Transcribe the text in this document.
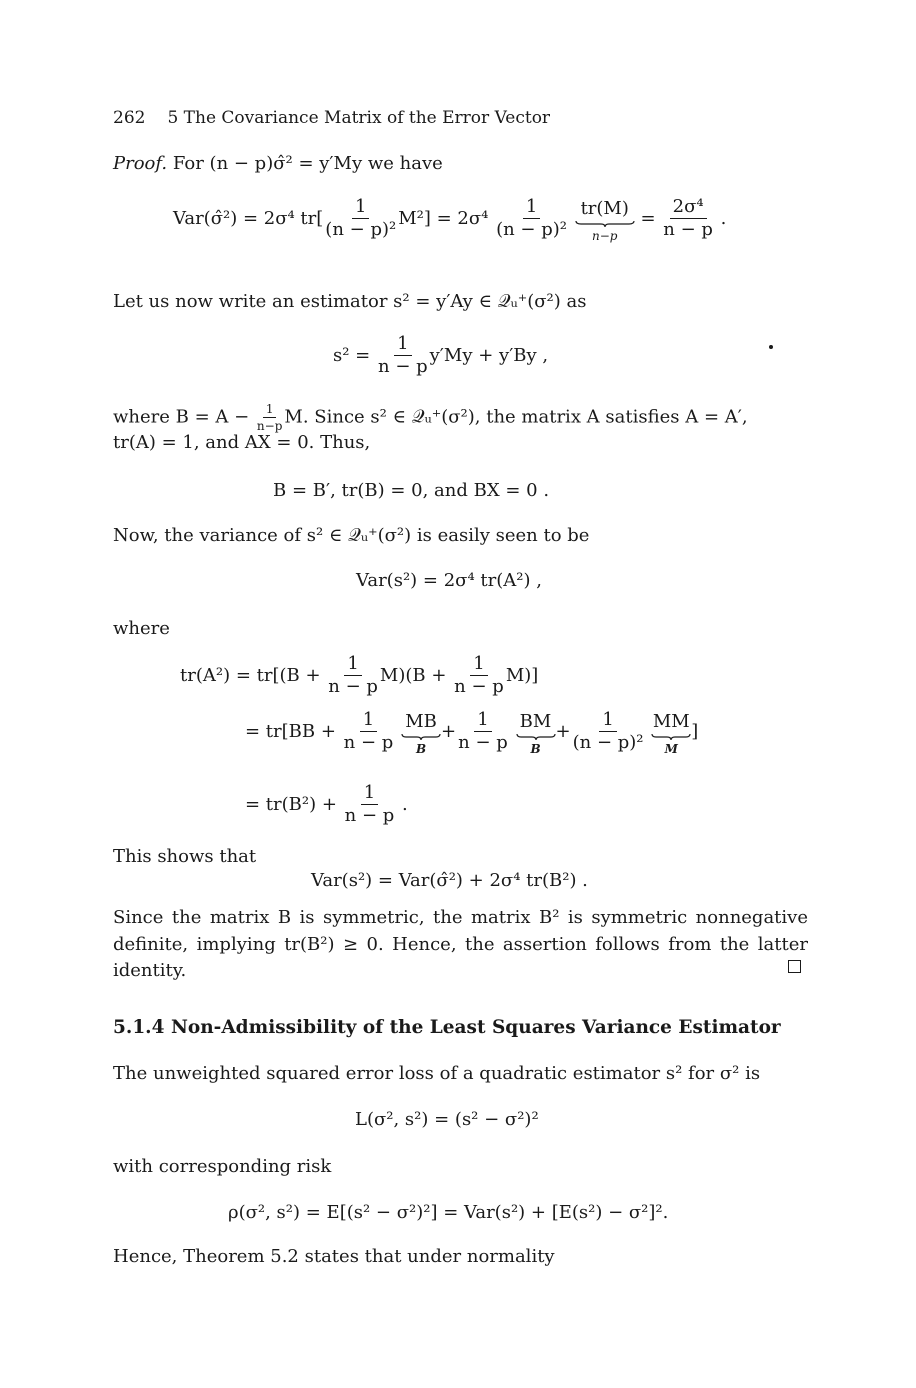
262 5 The Covariance Matrix of the Error Vector
Proof. For (n − p)σ̂² = y′My we have
Var(σ̂²) = 2σ⁴ $tr[ \frac{1}{\text{(n − p)²}} M^2] = 2\sigma^4 \frac{1}{\text{(n − p)²}}$
tr(M)
n−p
= $\frac{\text{2σ⁴}}{n - p}$ .
Let us now write an estimator s² = y′Ay ∈ 𝒬ᵤ⁺(σ²) as
$s^2 = \frac{1}{n - p} y'My + y'By$ ,
where $B = A - \frac{1}{n-p} M$. Since s² ∈ 𝒬ᵤ⁺(σ²), the matrix A satisfies A = A′,
tr(A) = 1, and AX = 0. Thus,
B = B′, tr(B) = 0, and BX = 0 .
Now, the variance of s² ∈ 𝒬ᵤ⁺(σ²) is easily seen to be
Var(s²) = 2σ⁴ tr(A²) ,
where
$tr(A^2) = tr[(B + \frac{1}{n - p} M)(B + \frac{1}{n - p} M)]$
= $tr[BB + \frac{1}{n - p}$
MB
B
+ $\frac{1}{n - p}$
BM
B
+ $\frac{1}{\text{(n − p)²}}$
MM
M
]
= $tr(B^2) + \frac{1}{n - p}$ .
This shows that
Var(s²) = Var(σ̂²) + 2σ⁴ tr(B²) .
Since the matrix B is symmetric, the matrix B² is symmetric nonnegative definite, implying tr(B²) ≥ 0. Hence, the assertion follows from the latter identity.
5.1.4 Non-Admissibility of the Least Squares Variance Estimator
The unweighted squared error loss of a quadratic estimator s² for σ² is
L(σ², s²) = (s² − σ²)²
with corresponding risk
ρ(σ², s²) = E[(s² − σ²)²] = Var(s²) + [E(s²) − σ²]².
Hence, Theorem 5.2 states that under normality
